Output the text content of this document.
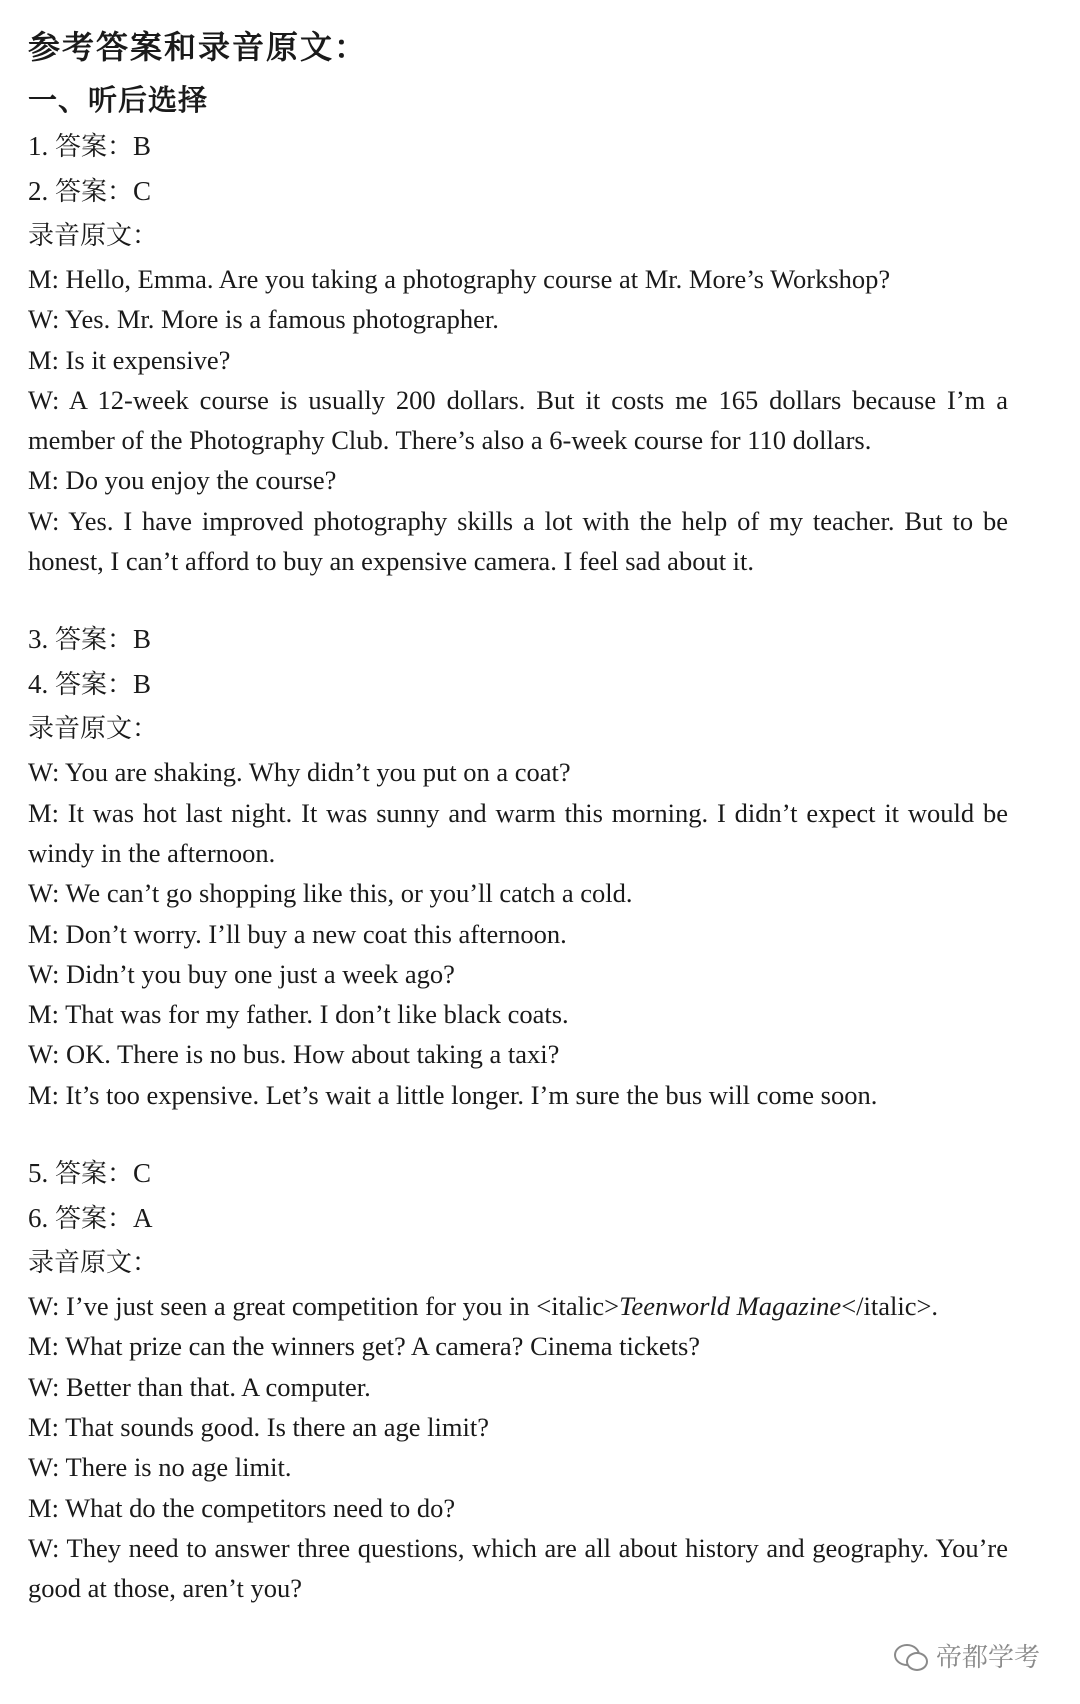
参考答案和录音原文：

一、听后选择

1. 答案：B

2. 答案：C

录音原文：

M: Hello, Emma. Are you taking a photography course at Mr. More’s Workshop?

W: Yes. Mr. More is a famous photographer.

M: Is it expensive?

W: A 12-week course is usually 200 dollars. But it costs me 165 dollars because I’m a member of the Photography Club. There’s also a 6-week course for 110 dollars.

M: Do you enjoy the course?

W: Yes. I have improved photography skills a lot with the help of my teacher. But to be honest, I can’t afford to buy an expensive camera. I feel sad about it.

3. 答案：B

4. 答案：B

录音原文：

W: You are shaking. Why didn’t you put on a coat?

M: It was hot last night. It was sunny and warm this morning. I didn’t expect it would be windy in the afternoon.

W: We can’t go shopping like this, or you’ll catch a cold.

M: Don’t worry. I’ll buy a new coat this afternoon.

W: Didn’t you buy one just a week ago?

M: That was for my father. I don’t like black coats.

W: OK. There is no bus. How about taking a taxi?

M: It’s too expensive. Let’s wait a little longer. I’m sure the bus will come soon.

5. 答案：C

6. 答案：A

录音原文：

W: I’ve just seen a great competition for you in <italic>Teenworld Magazine</italic>.

M: What prize can the winners get? A camera? Cinema tickets?

W: Better than that. A computer.

M: That sounds good. Is there an age limit?

W: There is no age limit.

M: What do the competitors need to do?

W: They need to answer three questions, which are all about history and geography. You’re good at those, aren’t you?

帝都学考
